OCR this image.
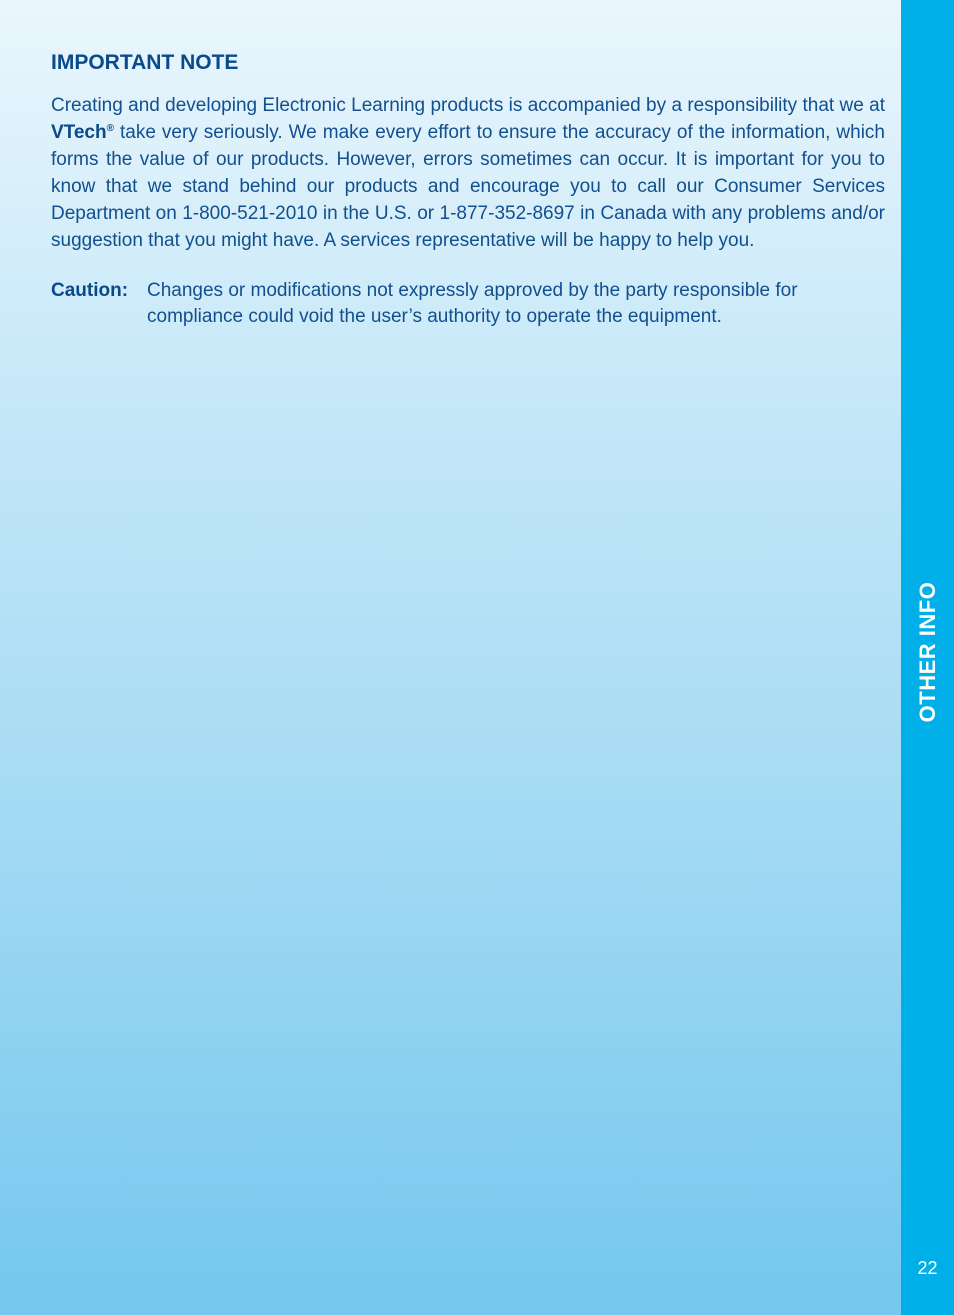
IMPORTANT NOTE

Creating and developing Electronic Learning products is accompanied by a responsibility that we at VTech® take very seriously. We make every effort to ensure the accuracy of the information, which forms the value of our products. However, errors sometimes can occur. It is important for you to know that we stand behind our products and encourage you to call our Consumer Services Department on 1-800-521-2010 in the U.S. or 1-877-352-8697 in Canada with any problems and/or suggestion that you might have. A services representative will be happy to help you.

Caution: Changes or modifications not expressly approved by the party responsible for compliance could void the user’s authority to operate the equipment.
OTHER INFO
22
